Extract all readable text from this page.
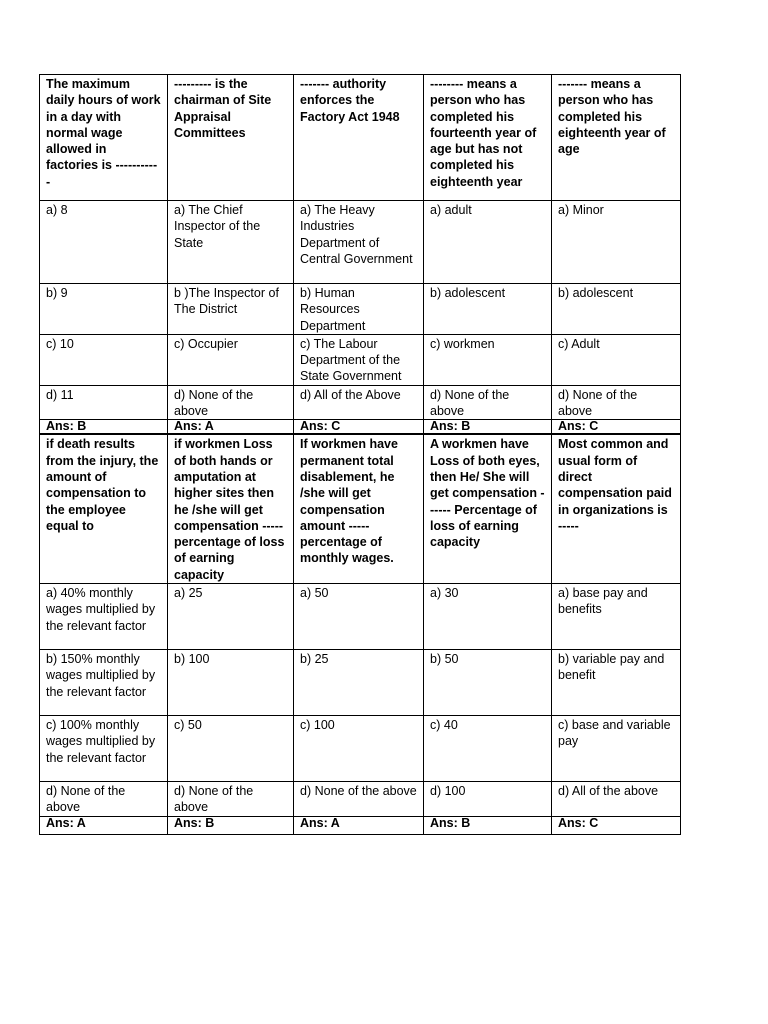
The maximum daily hours of work in a day with normal wage allowed in factories is -----------	--------- is the chairman of Site Appraisal Committees	------- authority enforces the Factory Act 1948	-------- means a person who has completed his fourteenth year of age but has not completed his eighteenth year	------- means a person who has completed his eighteenth year of age
a) 8	a) The Chief Inspector of the State	a) The Heavy Industries Department of Central Government	a) adult	a) Minor
b) 9	b )The Inspector of The District	b) Human Resources Department	b) adolescent	b) adolescent
c) 10	c) Occupier	c) The Labour Department of the State Government	c) workmen	c) Adult
d) 11	d) None of the above	d) All of the Above	d) None of the above	d) None of the above
Ans: B	Ans: A	Ans: C	Ans: B	Ans: C
if death results from the injury, the amount of compensation to the employee equal to	if workmen Loss of both hands or amputation at higher sites then he /she will get compensation ----- percentage of loss of earning capacity	If workmen have permanent total disablement, he /she will get compensation amount ----- percentage of monthly wages.	A workmen have Loss of both eyes, then He/ She will get compensation ------ Percentage of loss of earning capacity	Most common and usual form of direct compensation paid in organizations is -----
a) 40% monthly wages multiplied by the relevant factor	a) 25	a) 50	a) 30	a) base pay and benefits
b) 150% monthly wages multiplied by the relevant factor	b) 100	b) 25	b) 50	b) variable pay and benefit
c) 100% monthly wages multiplied by the relevant factor	c) 50	c) 100	c) 40	c) base and variable pay
d) None of the above	d) None of the above	d) None of the above	d) 100	d) All of the above
Ans: A	Ans: B	Ans: A	Ans: B	Ans: C
